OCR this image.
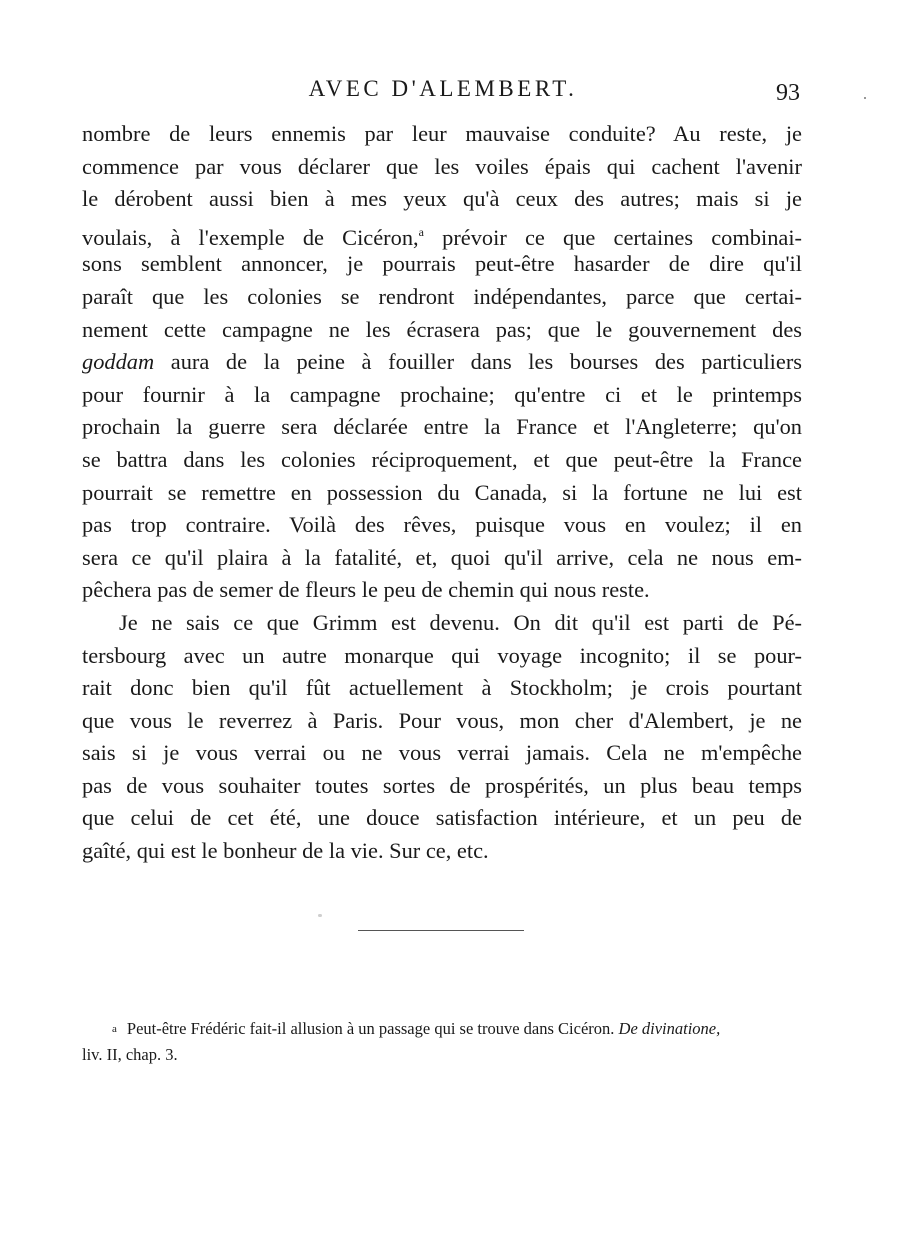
AVEC D'ALEMBERT.	93
nombre de leurs ennemis par leur mauvaise conduite? Au reste, je
commence par vous déclarer que les voiles épais qui cachent l'avenir
le dérobent aussi bien à mes yeux qu'à ceux des autres; mais si je
voulais, à l'exemple de Cicéron,$^a$ prévoir ce que certaines combinai-
sons semblent annoncer, je pourrais peut-être hasarder de dire qu'il
paraît que les colonies se rendront indépendantes, parce que certai-
nement cette campagne ne les écrasera pas; que le gouvernement des
goddam aura de la peine à fouiller dans les bourses des particuliers
pour fournir à la campagne prochaine; qu'entre ci et le printemps
prochain la guerre sera déclarée entre la France et l'Angleterre; qu'on
se battra dans les colonies réciproquement, et que peut-être la France
pourrait se remettre en possession du Canada, si la fortune ne lui est
pas trop contraire. Voilà des rêves, puisque vous en voulez; il en
sera ce qu'il plaira à la fatalité, et, quoi qu'il arrive, cela ne nous em-
pêchera pas de semer de fleurs le peu de chemin qui nous reste.
Je ne sais ce que Grimm est devenu. On dit qu'il est parti de Pé-
tersbourg avec un autre monarque qui voyage incognito; il se pour-
rait donc bien qu'il fût actuellement à Stockholm; je crois pourtant
que vous le reverrez à Paris. Pour vous, mon cher d'Alembert, je ne
sais si je vous verrai ou ne vous verrai jamais. Cela ne m'empêche
pas de vous souhaiter toutes sortes de prospérités, un plus beau temps
que celui de cet été, une douce satisfaction intérieure, et un peu de
gaîté, qui est le bonheur de la vie. Sur ce, etc.
a Peut-être Frédéric fait-il allusion à un passage qui se trouve dans Cicéron. De divinatione,
liv. II, chap. 3.
